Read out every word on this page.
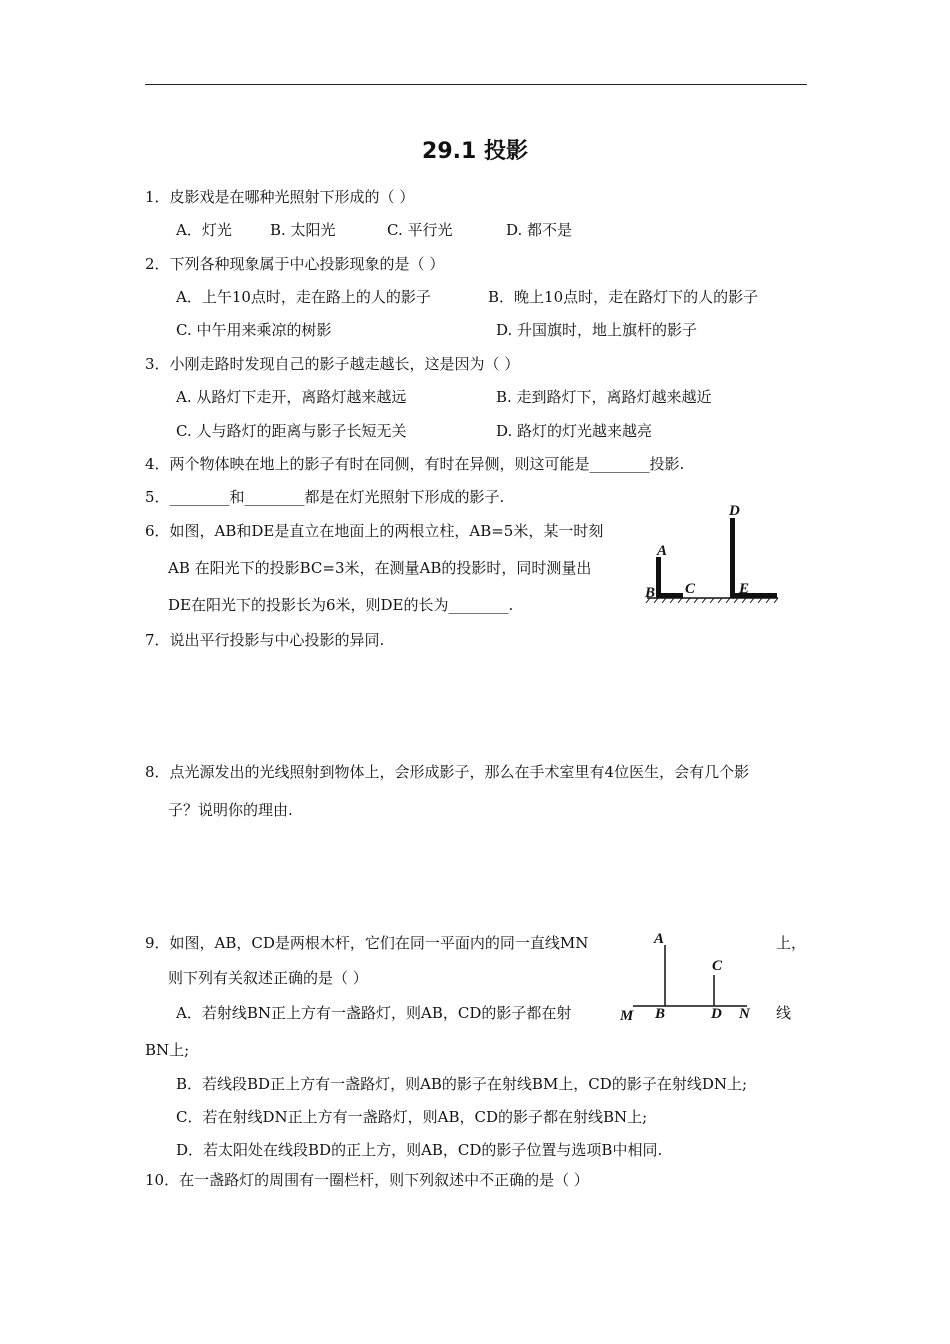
29.1 投影
1．皮影戏是在哪种光照射下形成的（ ）
A．灯光	B. 太阳光	C. 平行光	D. 都不是
2．下列各种现象属于中心投影现象的是（ ）
A．上午10点时，走在路上的人的影子	B．晚上10点时，走在路灯下的人的影子
C. 中午用来乘凉的树影	D. 升国旗时，地上旗杆的影子
3．小刚走路时发现自己的影子越走越长，这是因为（ ）
A. 从路灯下走开，离路灯越来越远	B. 走到路灯下，离路灯越来越近
C. 人与路灯的距离与影子长短无关	D. 路灯的灯光越来越亮
4．两个物体映在地上的影子有时在同侧，有时在异侧，则这可能是________投影.
5．________和________都是在灯光照射下形成的影子.
6．如图，AB和DE是直立在地面上的两根立柱，AB=5米，某一时刻
AB 在阳光下的投影BC=3米，在测量AB的投影时，同时测量出
DE在阳光下的投影长为6米，则DE的长为________.
A
B C
D
E
7．说出平行投影与中心投影的异同.
8．点光源发出的光线照射到物体上，会形成影子，那么在手术室里有4位医生，会有几个影
子？说明你的理由.
9．如图，AB，CD是两根木杆，它们在同一平面内的同一直线MN	上，
则下列有关叙述正确的是（ ）
A．若射线BN正上方有一盏路灯，则AB，CD的影子都在射	线
BN上;
B．若线段BD正上方有一盏路灯，则AB的影子在射线BM上，CD的影子在射线DN上;
C．若在射线DN正上方有一盏路灯，则AB，CD的影子都在射线BN上;
D．若太阳处在线段BD的正上方，则AB，CD的影子位置与选项B中相同.
A
C
M B	D N
10．在一盏路灯的周围有一圈栏杆，则下列叙述中不正确的是（ ）
